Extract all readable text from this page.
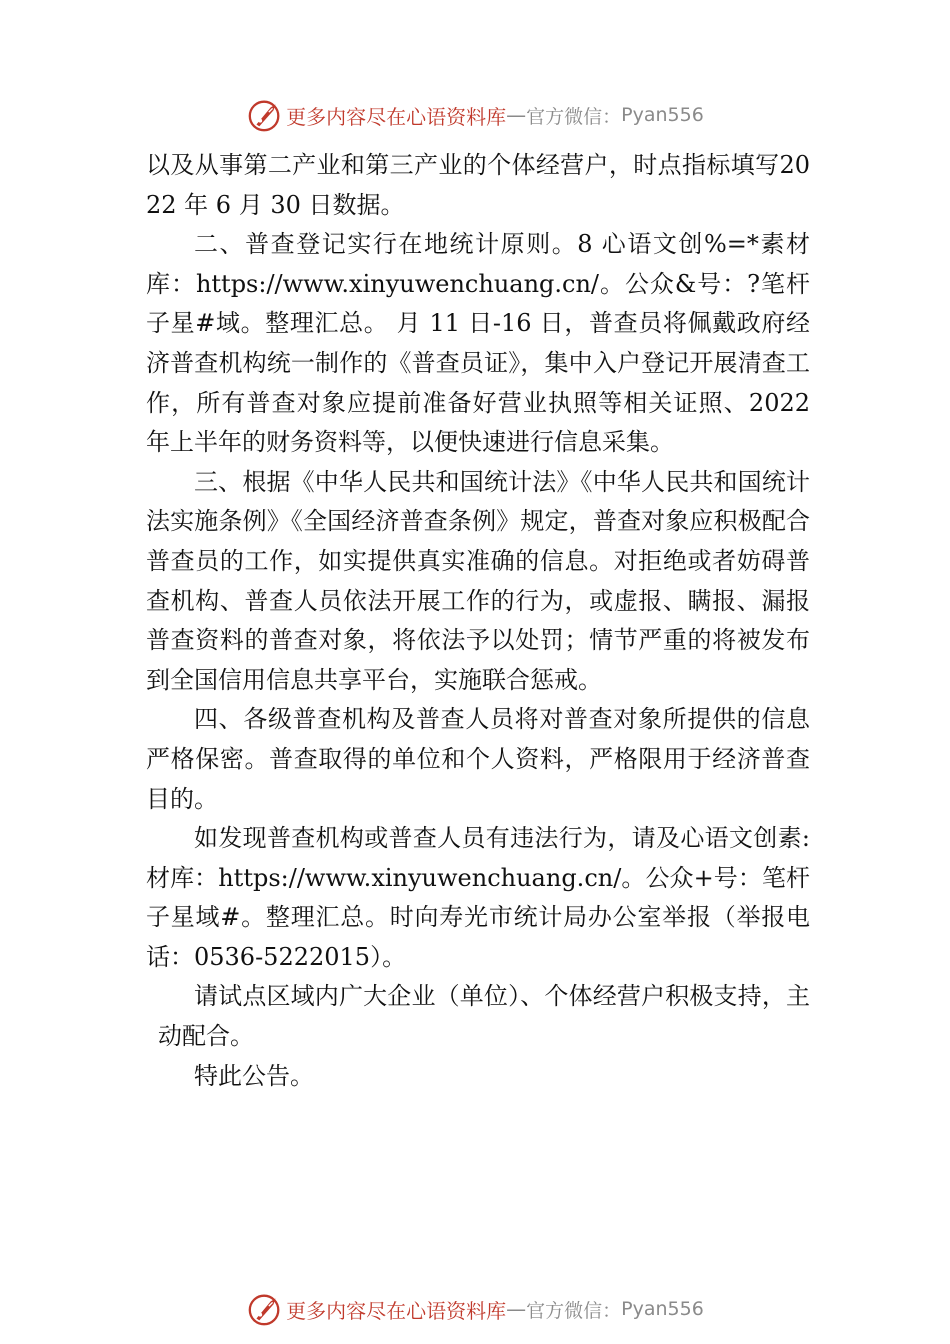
更多内容尽在心语资料库 — 官方微信： Pyan556

以及从事第二产业和第三产业的个体经营户，时点指标填写2022 年 6 月 30 日数据。

二、普查登记实行在地统计原则。8 心语文创%=*素材库：https://www.xinyuwenchuang.cn/。公众&号：?笔杆子星#域。整理汇总。 月 11 日-16 日，普查员将佩戴政府经济普查机构统一制作的《普查员证》，集中入户登记开展清查工作，所有普查对象应提前准备好营业执照等相关证照、2022 年上半年的财务资料等，以便快速进行信息采集。

三、根据《中华人民共和国统计法》《中华人民共和国统计法实施条例》《全国经济普查条例》规定，普查对象应积极配合普查员的工作，如实提供真实准确的信息。对拒绝或者妨碍普查机构、普查人员依法开展工作的行为，或虚报、瞒报、漏报普查资料的普查对象，将依法予以处罚；情节严重的将被发布到全国信用信息共享平台，实施联合惩戒。

四、各级普查机构及普查人员将对普查对象所提供的信息严格保密。普查取得的单位和个人资料，严格限用于经济普查目的。

如发现普查机构或普查人员有违法行为，请及心语文创素:材库：https://www.xinyuwenchuang.cn/。公众+号：笔杆子星域#。整理汇总。时向寿光市统计局办公室举报（举报电话：0536-5222015）。

请试点区域内广大企业（单位）、个体经营户积极支持，主动配合。

特此公告。

更多内容尽在心语资料库 — 官方微信： Pyan556
